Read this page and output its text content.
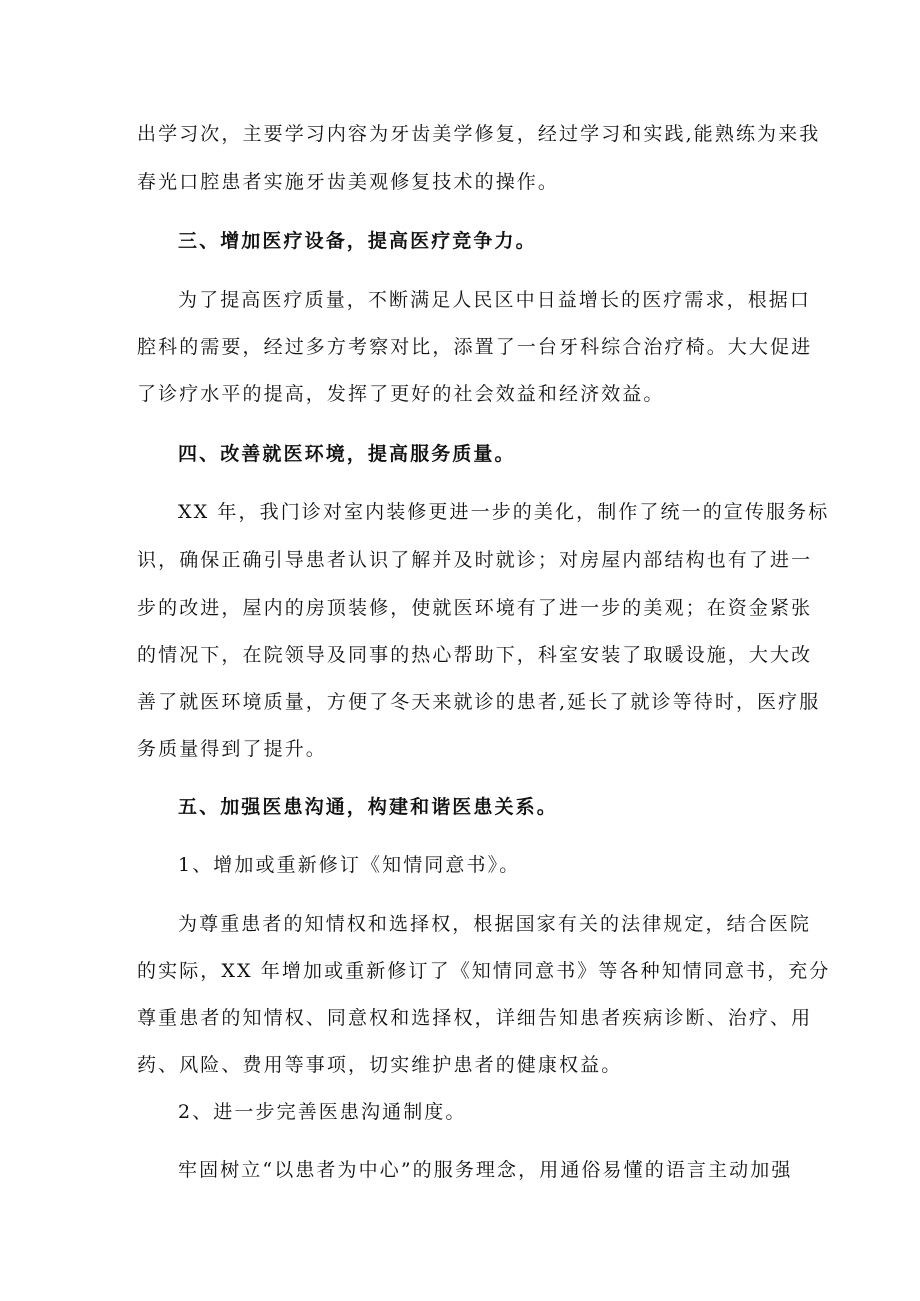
出学习次，主要学习内容为牙齿美学修复，经过学习和实践,能熟练为来我
春光口腔患者实施牙齿美观修复技术的操作。
三、增加医疗设备，提高医疗竞争力。
为了提高医疗质量，不断满足人民区中日益增长的医疗需求，根据口
腔科的需要，经过多方考察对比，添置了一台牙科综合治疗椅。大大促进
了诊疗水平的提高，发挥了更好的社会效益和经济效益。
四、改善就医环境，提高服务质量。
XX 年，我门诊对室内装修更进一步的美化，制作了统一的宣传服务标
识，确保正确引导患者认识了解并及时就诊；对房屋内部结构也有了进一
步的改进，屋内的房顶装修，使就医环境有了进一步的美观；在资金紧张
的情况下，在院领导及同事的热心帮助下，科室安装了取暖设施，大大改
善了就医环境质量，方便了冬天来就诊的患者,延长了就诊等待时，医疗服
务质量得到了提升。
五、加强医患沟通，构建和谐医患关系。
1、增加或重新修订《知情同意书》。
为尊重患者的知情权和选择权，根据国家有关的法律规定，结合医院
的实际，XX 年增加或重新修订了《知情同意书》等各种知情同意书，充分
尊重患者的知情权、同意权和选择权，详细告知患者疾病诊断、治疗、用
药、风险、费用等事项，切实维护患者的健康权益。
2、进一步完善医患沟通制度。
牢固树立“以患者为中心”的服务理念，用通俗易懂的语言主动加强
